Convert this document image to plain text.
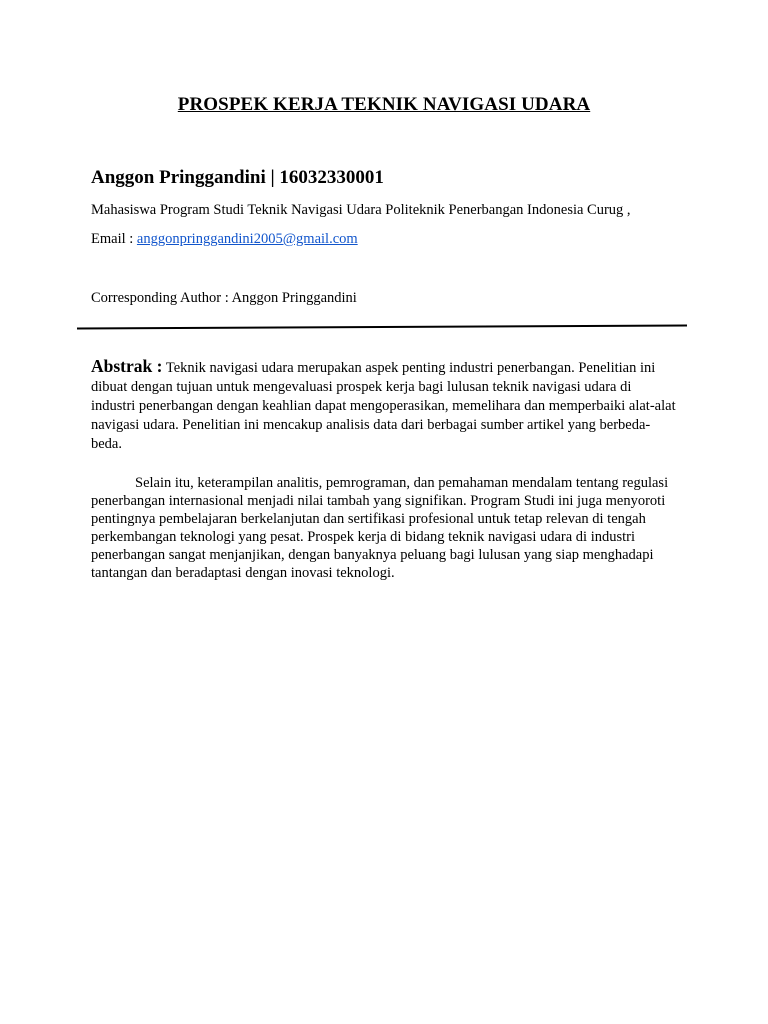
PROSPEK KERJA TEKNIK NAVIGASI UDARA
Anggon Pringgandini | 16032330001
Mahasiswa Program Studi Teknik Navigasi Udara Politeknik Penerbangan Indonesia Curug ,
Email : anggonpringgandini2005@gmail.com
Corresponding Author : Anggon Pringgandini
Abstrak : Teknik navigasi udara merupakan aspek penting industri penerbangan. Penelitian ini dibuat dengan tujuan untuk mengevaluasi prospek kerja bagi lulusan teknik navigasi udara di industri penerbangan dengan keahlian dapat mengoperasikan, memelihara dan memperbaiki alat-alat navigasi udara. Penelitian ini mencakup analisis data dari berbagai sumber artikel yang berbeda-beda.
Selain itu, keterampilan analitis, pemrograman, dan pemahaman mendalam tentang regulasi penerbangan internasional menjadi nilai tambah yang signifikan. Program Studi ini juga menyoroti pentingnya pembelajaran berkelanjutan dan sertifikasi profesional untuk tetap relevan di tengah perkembangan teknologi yang pesat. Prospek kerja di bidang teknik navigasi udara di industri penerbangan sangat menjanjikan, dengan banyaknya peluang bagi lulusan yang siap menghadapi tantangan dan beradaptasi dengan inovasi teknologi.
